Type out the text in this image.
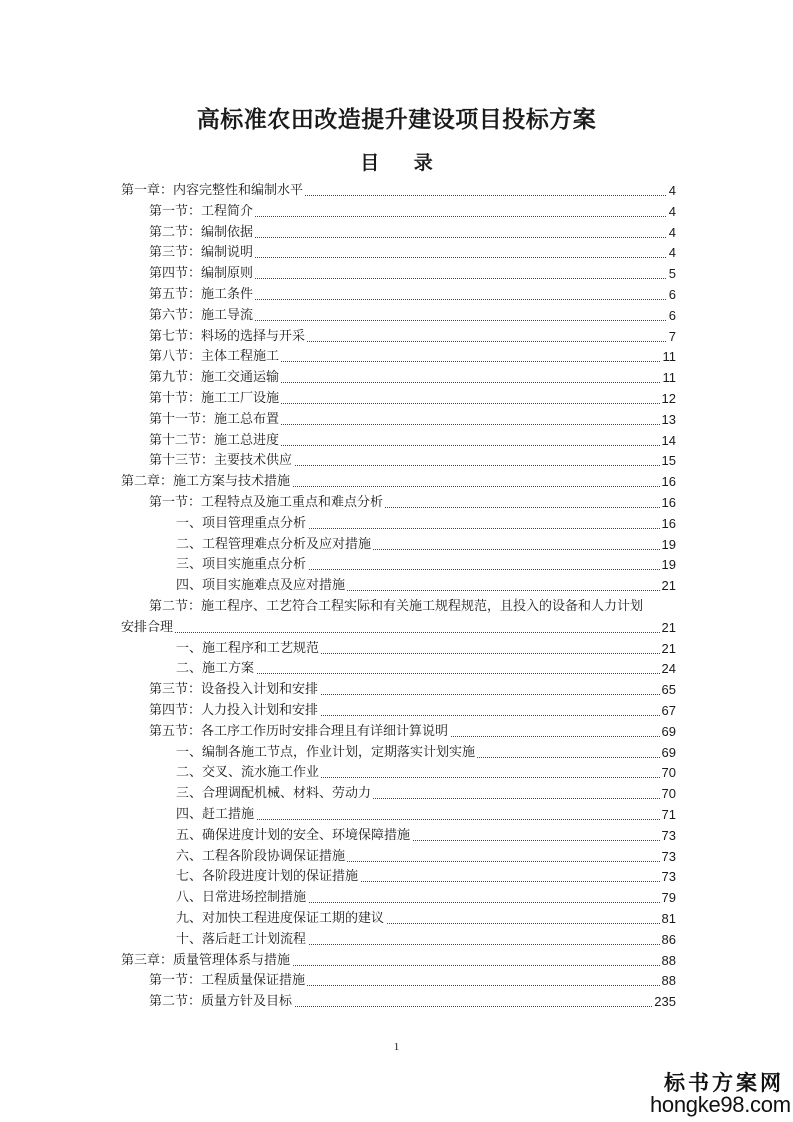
高标准农田改造提升建设项目投标方案
目 录
第一章：内容完整性和编制水平	4
第一节：工程简介	4
第二节：编制依据	4
第三节：编制说明	4
第四节：编制原则	5
第五节：施工条件	6
第六节：施工导流	6
第七节：料场的选择与开采	7
第八节：主体工程施工	11
第九节：施工交通运输	11
第十节：施工工厂设施	12
第十一节：施工总布置	13
第十二节：施工总进度	14
第十三节：主要技术供应	15
第二章：施工方案与技术措施	16
第一节：工程特点及施工重点和难点分析	16
一、项目管理重点分析	16
二、工程管理难点分析及应对措施	19
三、项目实施重点分析	19
四、项目实施难点及应对措施	21
第二节：施工程序、工艺符合工程实际和有关施工规程规范，且投入的设备和人力计划
安排合理	21
一、施工程序和工艺规范	21
二、施工方案	24
第三节：设备投入计划和安排	65
第四节：人力投入计划和安排	67
第五节：各工序工作历时安排合理且有详细计算说明	69
一、编制各施工节点，作业计划，定期落实计划实施	69
二、交叉、流水施工作业	70
三、合理调配机械、材料、劳动力	70
四、赶工措施	71
五、确保进度计划的安全、环境保障措施	73
六、工程各阶段协调保证措施	73
七、各阶段进度计划的保证措施	73
八、日常进场控制措施	79
九、对加快工程进度保证工期的建议	81
十、落后赶工计划流程	86
第三章：质量管理体系与措施	88
第一节：工程质量保证措施	88
第二节：质量方针及目标	235
1
标书方案网
hongke98.com
